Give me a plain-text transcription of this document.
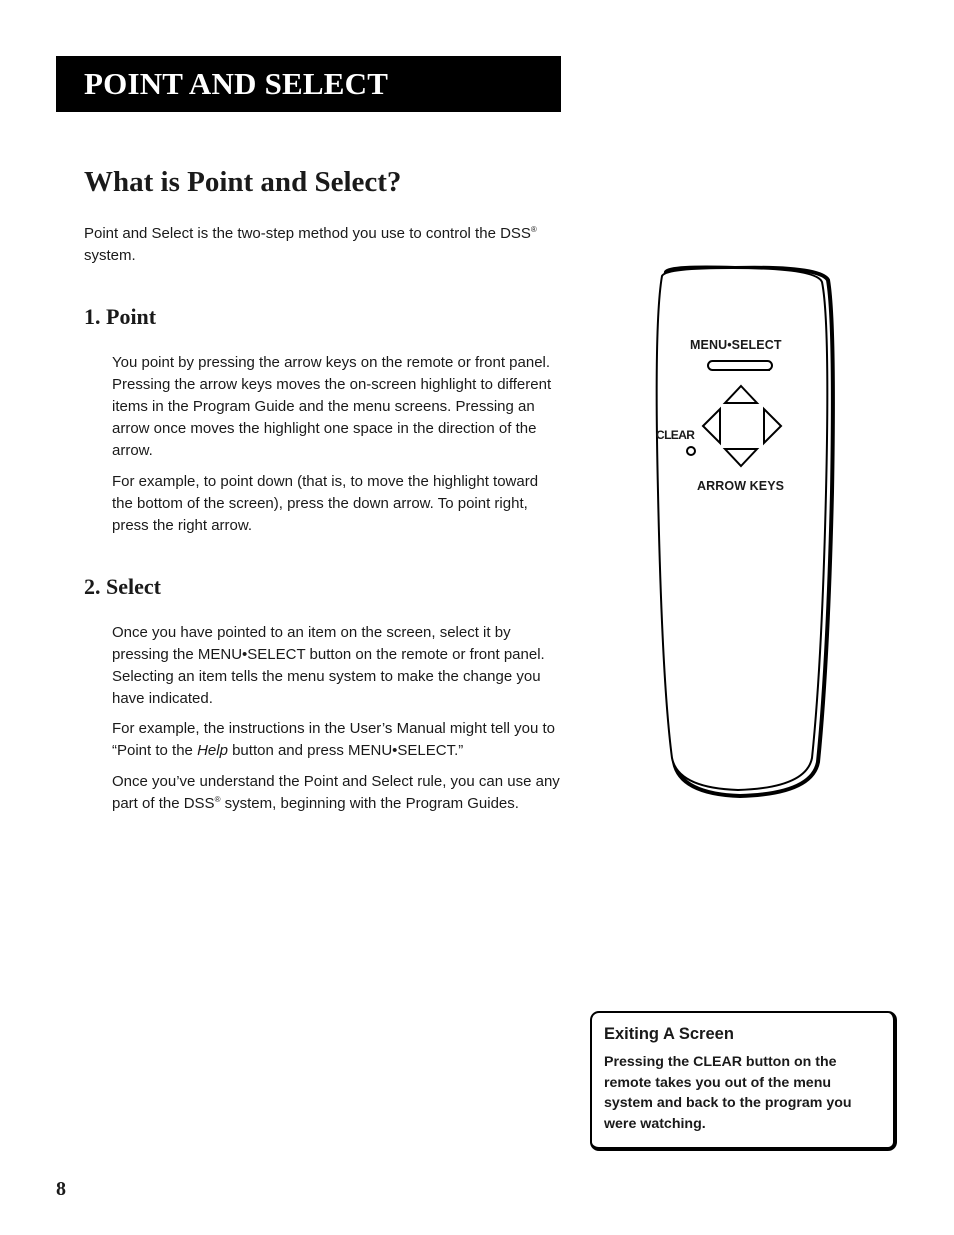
POINT AND SELECT
What is Point and Select?

Point and Select is the two-step method you use to control the DSS® system.

1. Point

You point by pressing the arrow keys on the remote or front panel. Pressing the arrow keys moves the on-screen highlight to different items in the Program Guide and the menu screens. Pressing an arrow once moves the highlight one space in the direction of the arrow.

For example, to point down (that is, to move the highlight toward the bottom of the screen), press the down arrow. To point right, press the right arrow.

2. Select

Once you have pointed to an item on the screen, select it by pressing the MENU•SELECT button on the remote or front panel. Selecting an item tells the menu system to make the change you have indicated.

For example, the instructions in the User’s Manual might tell you to “Point to the Help button and press MENU•SELECT.”

Once you’ve understand the Point and Select rule, you can use any part of the DSS® system, beginning with the Program Guides.

MENU•SELECT
CLEAR
ARROW KEYS

Exiting A Screen

Pressing the CLEAR button on the remote takes you out of the menu system and back to the program you were watching.

8
